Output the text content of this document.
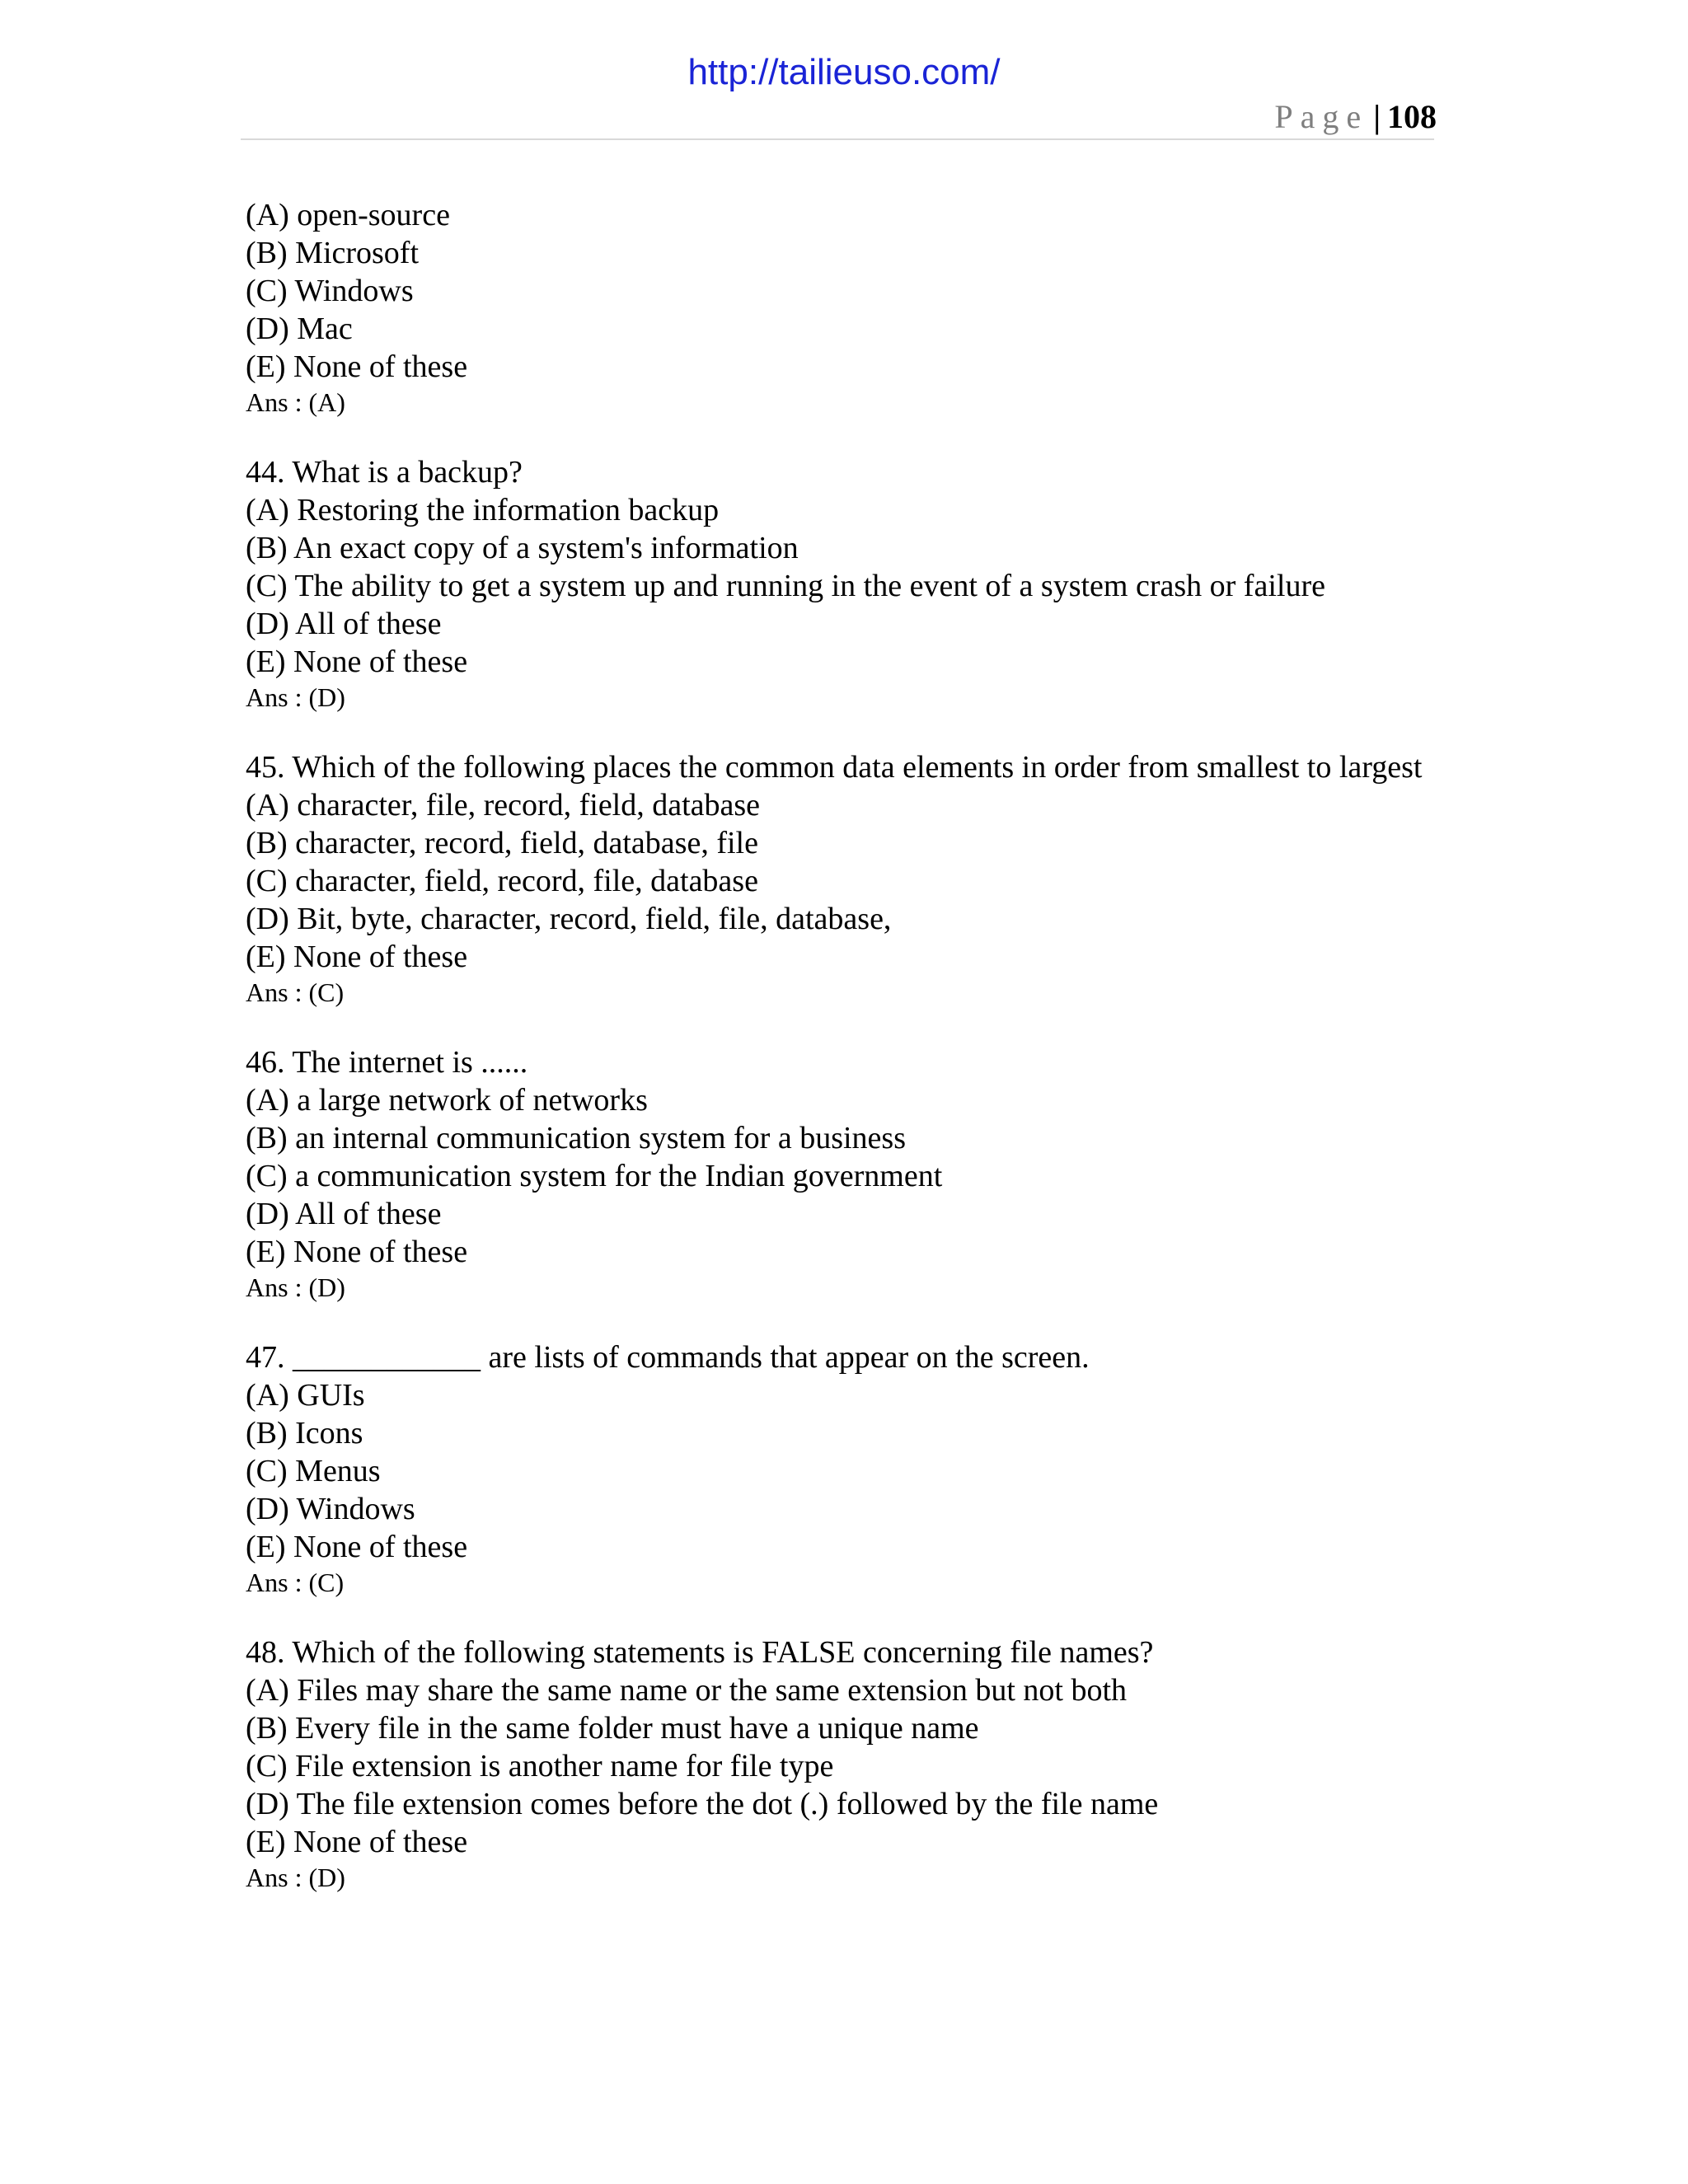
http://tailieuso.com/
Page | 108
(A) open-source
(B) Microsoft
(C) Windows
(D) Mac
(E) None of these
Ans : (A)
44. What is a backup?
(A) Restoring the information backup
(B) An exact copy of a system's information
(C) The ability to get a system up and running in the event of a system crash or failure
(D) All of these
(E) None of these
Ans : (D)
45. Which of the following places the common data elements in order from smallest to largest
(A) character, file, record, field, database
(B) character, record, field, database, file
(C) character, field, record, file, database
(D) Bit, byte, character, record, field, file, database,
(E) None of these
Ans : (C)
46. The internet is ......
(A) a large network of networks
(B) an internal communication system for a business
(C) a communication system for the Indian government
(D) All of these
(E) None of these
Ans : (D)
47. ____________ are lists of commands that appear on the screen.
(A) GUIs
(B) Icons
(C) Menus
(D) Windows
(E) None of these
Ans : (C)
48. Which of the following statements is FALSE concerning file names?
(A) Files may share the same name or the same extension but not both
(B) Every file in the same folder must have a unique name
(C) File extension is another name for file type
(D) The file extension comes before the dot (.) followed by the file name
(E) None of these
Ans : (D)
